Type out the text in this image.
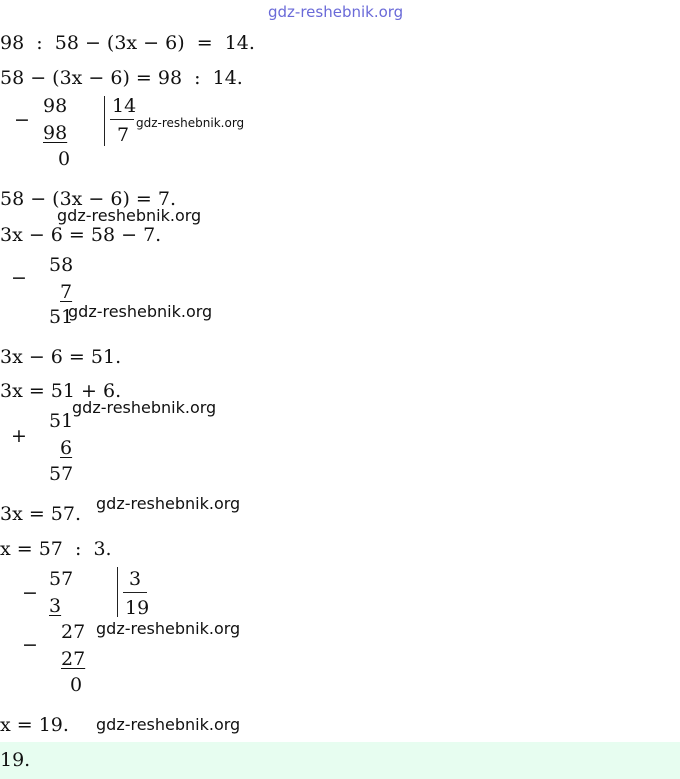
gdz-reshebnik.org
98  :  58 − (3x − 6)  =  14.
58 − (3x − 6) = 98  :  14.
−
98
98
0
14
7
gdz-reshebnik.org
58 − (3x − 6) = 7.
gdz-reshebnik.org
3x − 6 = 58 − 7.
−
58
7
51
gdz-reshebnik.org
3x − 6 = 51.
3x = 51 + 6.
gdz-reshebnik.org
+
51
6
57
3x = 57. gdz-reshebnik.org
x = 57  :  3.
−
57
3
3
19
−
27
27
0
gdz-reshebnik.org
x = 19. gdz-reshebnik.org
19.
